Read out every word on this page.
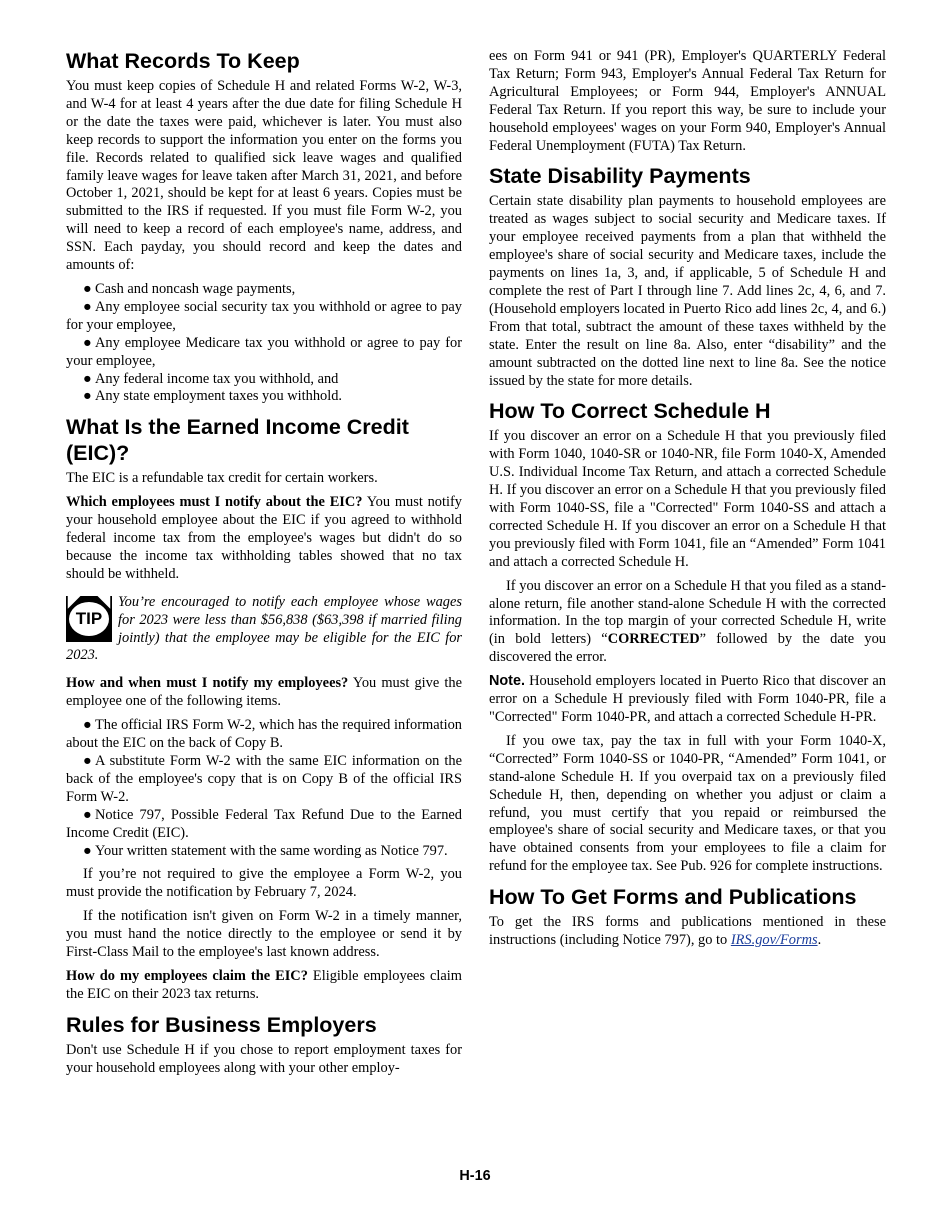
What Records To Keep

You must keep copies of Schedule H and related Forms W-2, W-3, and W-4 for at least 4 years after the due date for filing Schedule H or the date the taxes were paid, whichever is later. You must also keep records to support the information you enter on the forms you file. Records related to qualified sick leave wages and qualified family leave wages for leave taken after March 31, 2021, and before October 1, 2021, should be kept for at least 6 years. Copies must be submitted to the IRS if requested. If you must file Form W-2, you will need to keep a record of each employee's name, address, and SSN. Each payday, you should record and keep the dates and amounts of:

● Cash and noncash wage payments,
● Any employee social security tax you withhold or agree to pay for your employee,
● Any employee Medicare tax you withhold or agree to pay for your employee,
● Any federal income tax you withhold, and
● Any state employment taxes you withhold.
What Is the Earned Income Credit (EIC)?

The EIC is a refundable tax credit for certain workers.

Which employees must I notify about the EIC? You must notify your household employee about the EIC if you agreed to withhold federal income tax from the employee's wages but didn't do so because the income tax withholding tables showed that no tax should be withheld.

TIP
You’re encouraged to notify each employee whose wages for 2023 were less than $56,838 ($63,398 if married filing jointly) that the employee may be eligible for the EIC for 2023.

How and when must I notify my employees? You must give the employee one of the following items.

● The official IRS Form W-2, which has the required information about the EIC on the back of Copy B.
● A substitute Form W-2 with the same EIC information on the back of the employee's copy that is on Copy B of the official IRS Form W-2.
● Notice 797, Possible Federal Tax Refund Due to the Earned Income Credit (EIC).
● Your written statement with the same wording as Notice 797.

If you’re not required to give the employee a Form W-2, you must provide the notification by February 7, 2024.

If the notification isn't given on Form W-2 in a timely manner, you must hand the notice directly to the employee or send it by First-Class Mail to the employee's last known address.

How do my employees claim the EIC? Eligible employees claim the EIC on their 2023 tax returns.

Rules for Business Employers

Don't use Schedule H if you chose to report employment taxes for your household employees along with your other employ-

ees on Form 941 or 941 (PR), Employer's QUARTERLY Federal Tax Return; Form 943, Employer's Annual Federal Tax Return for Agricultural Employees; or Form 944, Employer's ANNUAL Federal Tax Return. If you report this way, be sure to include your household employees' wages on your Form 940, Employer's Annual Federal Unemployment (FUTA) Tax Return.

State Disability Payments

Certain state disability plan payments to household employees are treated as wages subject to social security and Medicare taxes. If your employee received payments from a plan that withheld the employee's share of social security and Medicare taxes, include the payments on lines 1a, 3, and, if applicable, 5 of Schedule H and complete the rest of Part I through line 7. Add lines 2c, 4, 6, and 7. (Household employers located in Puerto Rico add lines 2c, 4, and 6.) From that total, subtract the amount of these taxes withheld by the state. Enter the result on line 8a. Also, enter “disability” and the amount subtracted on the dotted line next to line 8a. See the notice issued by the state for more details.

How To Correct Schedule H

If you discover an error on a Schedule H that you previously filed with Form 1040, 1040-SR or 1040-NR, file Form 1040-X, Amended U.S. Individual Income Tax Return, and attach a corrected Schedule H. If you discover an error on a Schedule H that you previously filed with Form 1040-SS, file a "Corrected" Form 1040-SS and attach a corrected Schedule H. If you discover an error on a Schedule H that you previously filed with Form 1041, file an “Amended” Form 1041 and attach a corrected Schedule H.

If you discover an error on a Schedule H that you filed as a stand-alone return, file another stand-alone Schedule H with the corrected information. In the top margin of your corrected Schedule H, write (in bold letters) “CORRECTED” followed by the date you discovered the error.

Note. Household employers located in Puerto Rico that discover an error on a Schedule H previously filed with Form 1040-PR, file a "Corrected" Form 1040-PR, and attach a corrected Schedule H-PR.

If you owe tax, pay the tax in full with your Form 1040-X, “Corrected” Form 1040-SS or 1040-PR, “Amended” Form 1041, or stand-alone Schedule H. If you overpaid tax on a previously filed Schedule H, then, depending on whether you adjust or claim a refund, you must certify that you repaid or reimbursed the employee's share of social security and Medicare taxes, or that you have obtained consents from your employees to file a claim for refund for the employee tax. See Pub. 926 for complete instructions.

How To Get Forms and Publications

To get the IRS forms and publications mentioned in these instructions (including Notice 797), go to IRS.gov/Forms.

H-16
